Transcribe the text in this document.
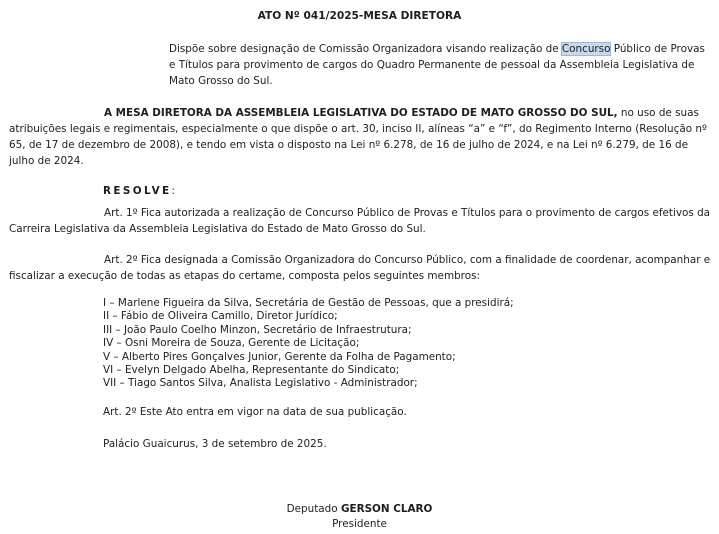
ATO Nº 041/2025-MESA DIRETORA
Dispõe sobre designação de Comissão Organizadora visando realização de Concurso Público de Provas e Títulos para provimento de cargos do Quadro Permanente de pessoal da Assembleia Legislativa de Mato Grosso do Sul.
A MESA DIRETORA DA ASSEMBLEIA LEGISLATIVA DO ESTADO DE MATO GROSSO DO SUL, no uso de suas atribuições legais e regimentais, especialmente o que dispõe o art. 30, inciso II, alíneas “a” e “f”, do Regimento Interno (Resolução nº 65, de 17 de dezembro de 2008), e tendo em vista o disposto na Lei nº 6.278, de 16 de julho de 2024, e na Lei nº 6.279, de 16 de julho de 2024.
RESOLVE:
Art. 1º Fica autorizada a realização de Concurso Público de Provas e Títulos para o provimento de cargos efetivos da Carreira Legislativa da Assembleia Legislativa do Estado de Mato Grosso do Sul.
Art. 2º Fica designada a Comissão Organizadora do Concurso Público, com a finalidade de coordenar, acompanhar e fiscalizar a execução de todas as etapas do certame, composta pelos seguintes membros:
I – Marlene Figueira da Silva, Secretária de Gestão de Pessoas, que a presidirá;
II – Fábio de Oliveira Camillo, Diretor Jurídico;
III – João Paulo Coelho Minzon, Secretário de Infraestrutura;
IV – Osni Moreira de Souza, Gerente de Licitação;
V – Alberto Pires Gonçalves Junior, Gerente da Folha de Pagamento;
VI – Evelyn Delgado Abelha, Representante do Sindicato;
VII – Tiago Santos Silva, Analista Legislativo - Administrador;
Art. 2º Este Ato entra em vigor na data de sua publicação.
Palácio Guaicurus, 3 de setembro de 2025.
Deputado GERSON CLARO
Presidente
